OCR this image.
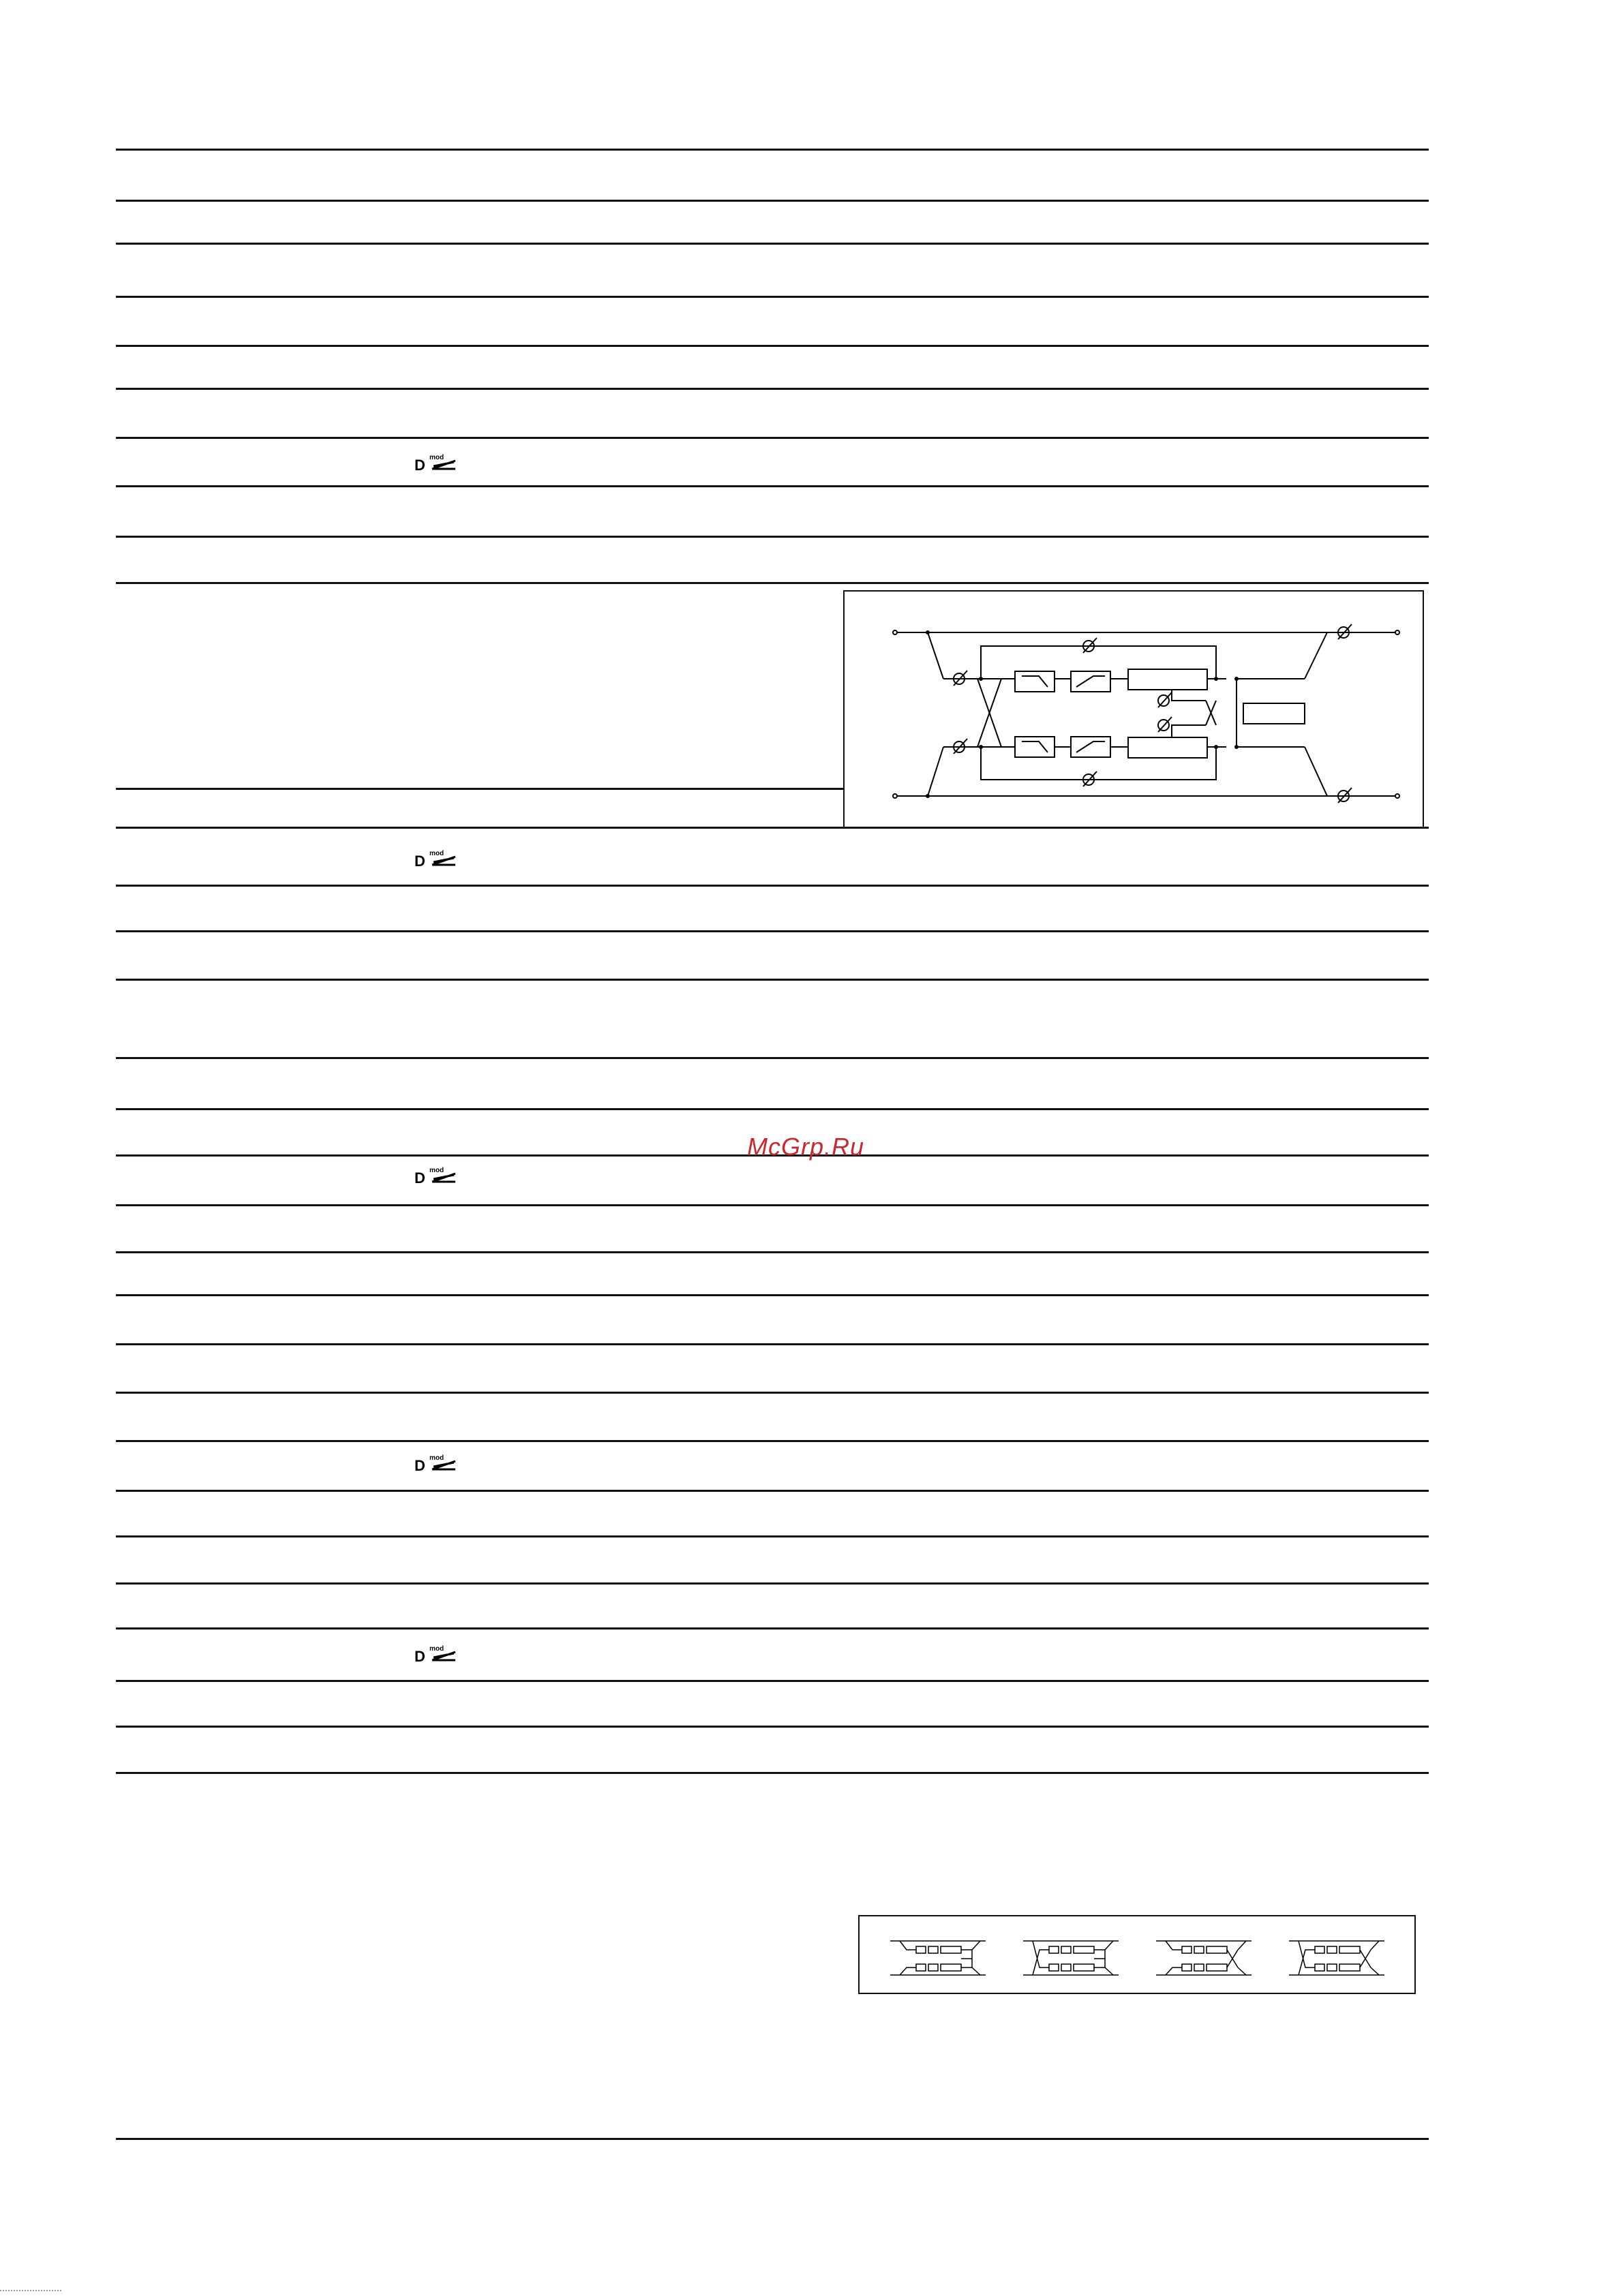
D mod
D mod
D mod
D mod
D mod
McGrp.Ru
